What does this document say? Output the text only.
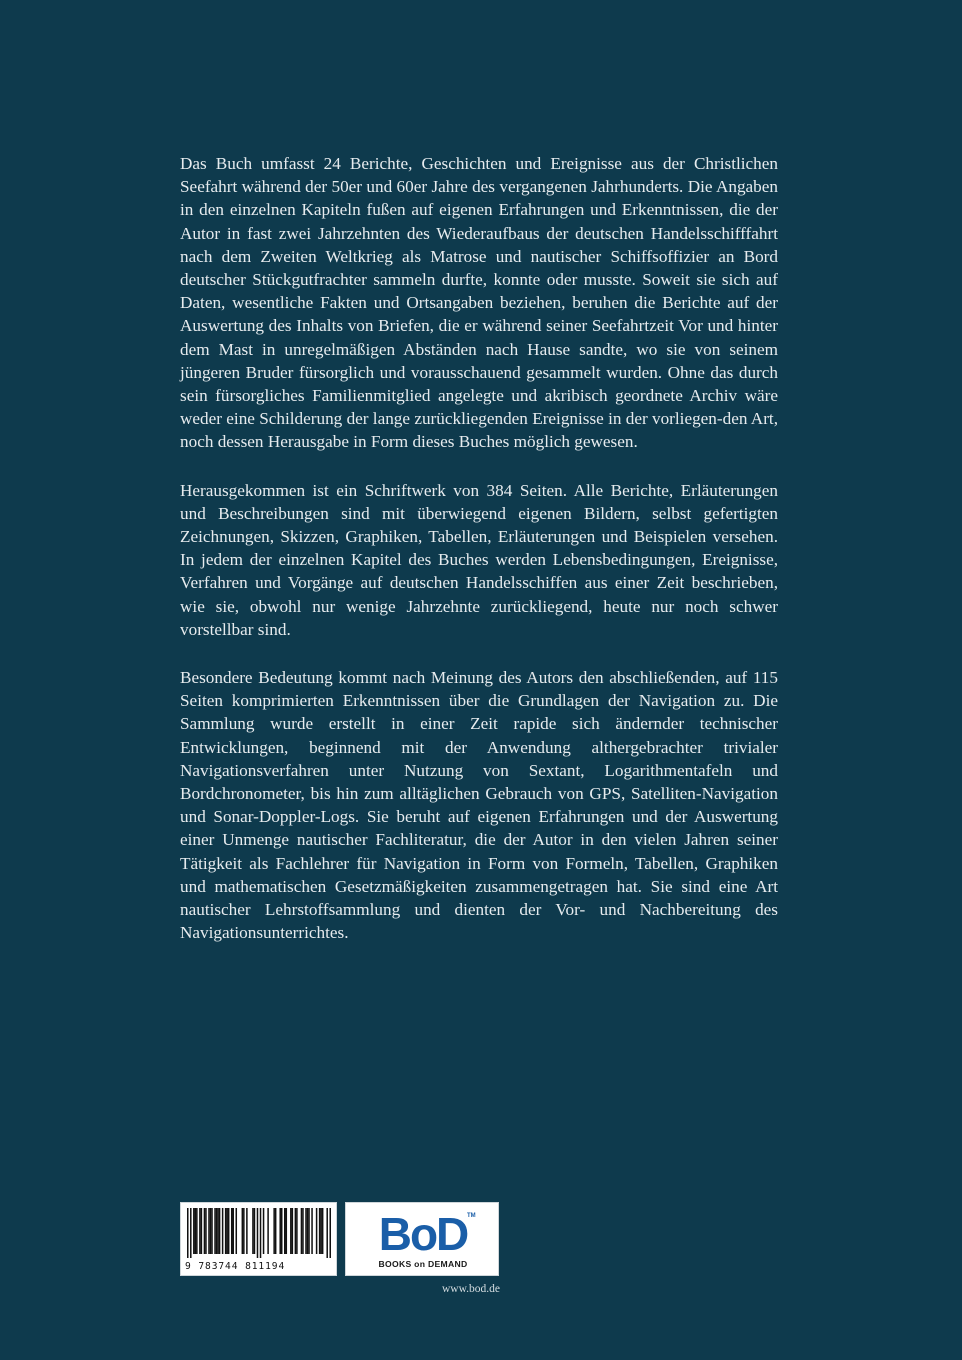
Das Buch umfasst 24 Berichte, Geschichten und Ereignisse aus der Christlichen Seefahrt während der 50er und 60er Jahre des vergangenen Jahrhunderts. Die Angaben in den einzelnen Kapiteln fußen auf eigenen Erfahrungen und Erkenntnissen, die der Autor in fast zwei Jahrzehnten des Wiederaufbaus der deutschen Handelsschifffahrt nach dem Zweiten Weltkrieg als Matrose und nautischer Schiffsoffizier an Bord deutscher Stückgutfrachter sammeln durfte, konnte oder musste. Soweit sie sich auf Daten, wesentliche Fakten und Ortsangaben beziehen, beruhen die Berichte auf der Auswertung des Inhalts von Briefen, die er während seiner Seefahrtzeit Vor und hinter dem Mast in unregelmäßigen Abständen nach Hause sandte, wo sie von seinem jüngeren Bruder fürsorglich und vorausschauend gesammelt wurden. Ohne das durch sein fürsorgliches Familienmitglied angelegte und akribisch geordnete Archiv wäre weder eine Schilderung der lange zurückliegenden Ereignisse in der vorliegen-den Art, noch dessen Herausgabe in Form dieses Buches möglich gewesen.

Herausgekommen ist ein Schriftwerk von 384 Seiten. Alle Berichte, Erläuterungen und Beschreibungen sind mit überwiegend eigenen Bildern, selbst gefertigten Zeichnungen, Skizzen, Graphiken, Tabellen, Erläuterungen und Beispielen versehen. In jedem der einzelnen Kapitel des Buches werden Lebensbedingungen, Ereignisse, Verfahren und Vorgänge auf deutschen Handelsschiffen aus einer Zeit beschrieben, wie sie, obwohl nur wenige Jahrzehnte zurückliegend, heute nur noch schwer vorstellbar sind.

Besondere Bedeutung kommt nach Meinung des Autors den abschließenden, auf 115 Seiten komprimierten Erkenntnissen über die Grundlagen der Navigation zu. Die Sammlung wurde erstellt in einer Zeit rapide sich ändernder technischer Entwicklungen, beginnend mit der Anwendung althergebrachter trivialer Navigationsverfahren unter Nutzung von Sextant, Logarithmentafeln und Bordchronometer, bis hin zum alltäglichen Gebrauch von GPS, Satelliten-Navigation und Sonar-Doppler-Logs. Sie beruht auf eigenen Erfahrungen und der Auswertung einer Unmenge nautischer Fachliteratur, die der Autor in den vielen Jahren seiner Tätigkeit als Fachlehrer für Navigation in Form von Formeln, Tabellen, Graphiken und mathematischen Gesetzmäßigkeiten zusammengetragen hat. Sie sind eine Art nautischer Lehrstoffsammlung und dienten der Vor- und Nachbereitung des Navigationsunterrichtes.

9 783744 811194
BoD TM
BOOKS on DEMAND
www.bod.de
